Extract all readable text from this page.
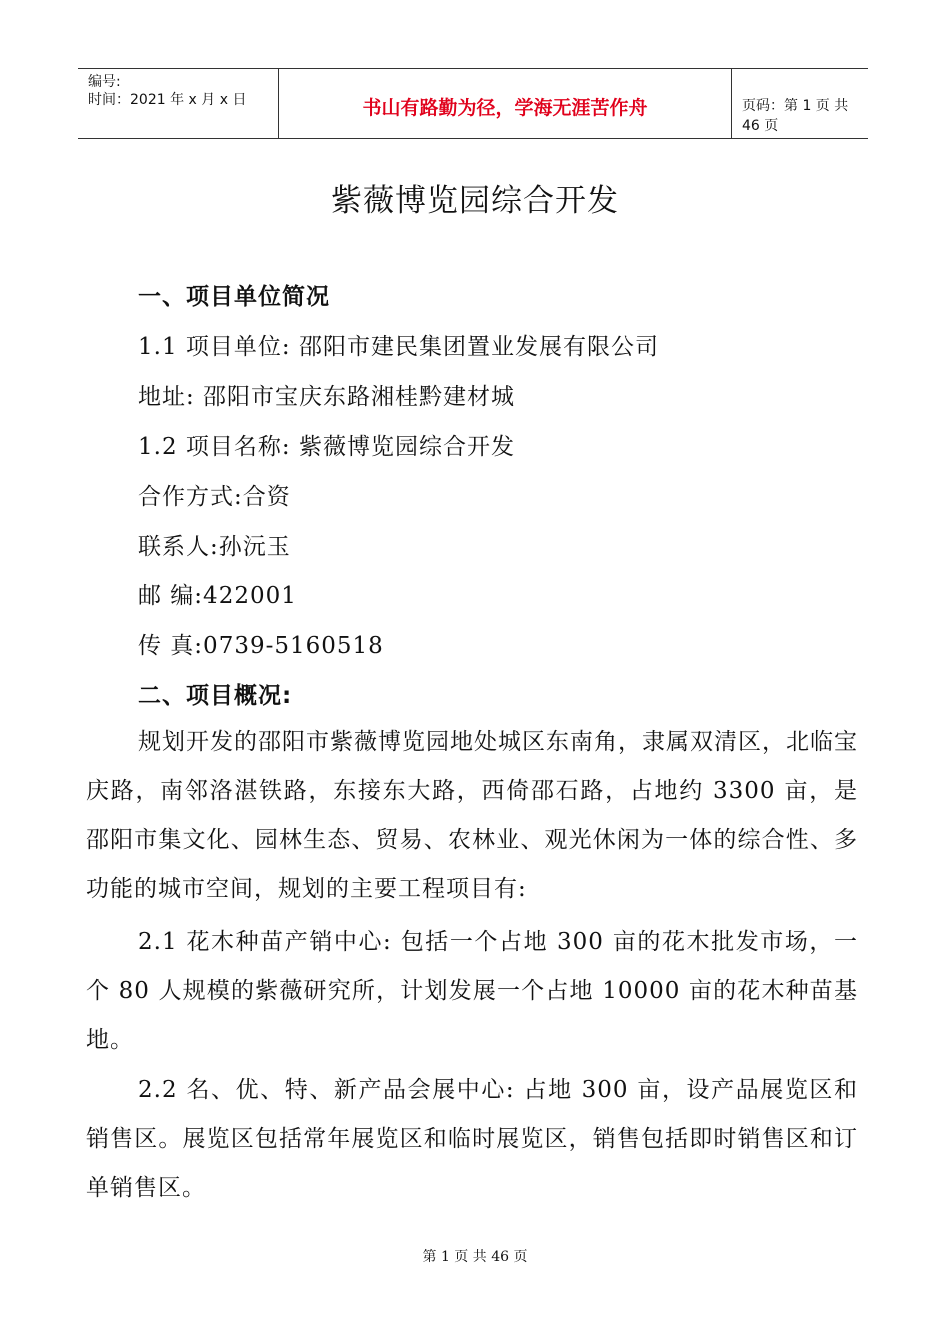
编号:
时间：2021 年 x 月 x 日	书山有路勤为径，学海无涯苦作舟	页码：第 1 页 共 46 页
紫薇博览园综合开发
一、项目单位简况
1.1 项目单位: 邵阳市建民集团置业发展有限公司
地址: 邵阳市宝庆东路湘桂黔建材城
1.2 项目名称: 紫薇博览园综合开发
合作方式:合资
联系人:孙沅玉
邮 编:422001
传 真:0739-5160518
二、项目概况:
规划开发的邵阳市紫薇博览园地处城区东南角，隶属双清区，北临宝庆路，南邻洛湛铁路，东接东大路，西倚邵石路，占地约 3300 亩，是邵阳市集文化、园林生态、贸易、农林业、观光休闲为一体的综合性、多功能的城市空间，规划的主要工程项目有:
2.1 花木种苗产销中心: 包括一个占地 300 亩的花木批发市场，一个 80 人规模的紫薇研究所，计划发展一个占地 10000 亩的花木种苗基地。
2.2 名、优、特、新产品会展中心: 占地 300 亩，设产品展览区和销售区。展览区包括常年展览区和临时展览区，销售包括即时销售区和订单销售区。
第 1 页 共 46 页
